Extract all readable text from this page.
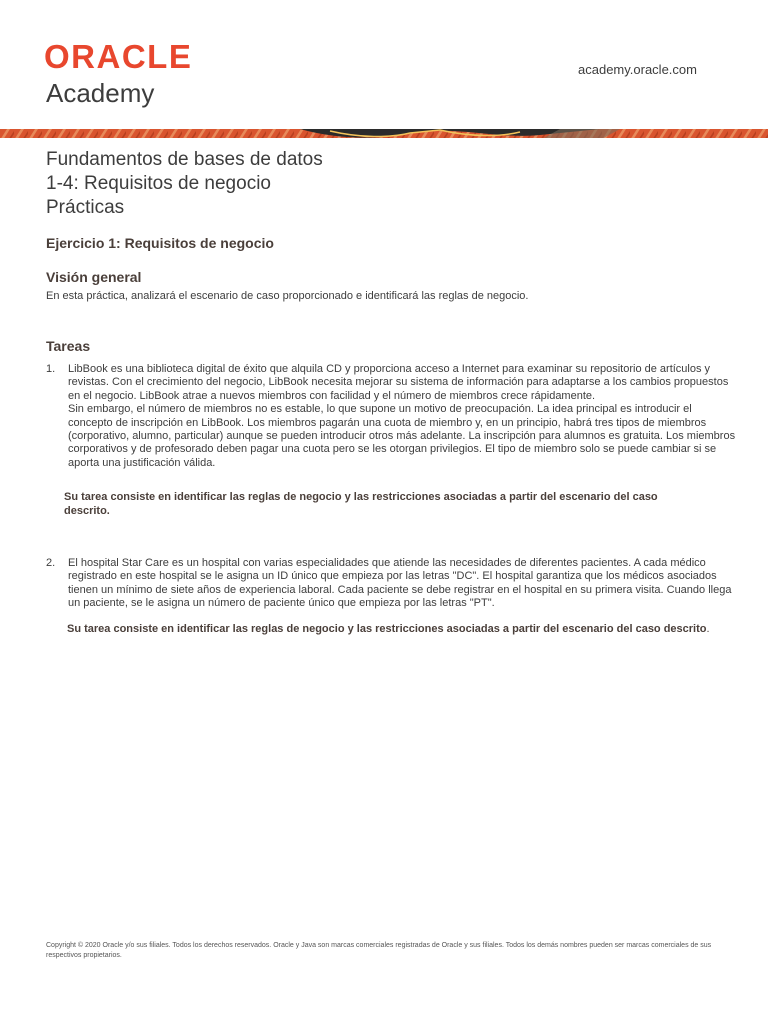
ORACLE
Academy
academy.oracle.com
Fundamentos de bases de datos
1-4: Requisitos de negocio
Prácticas
Ejercicio 1: Requisitos de negocio
Visión general
En esta práctica, analizará el escenario de caso proporcionado e identificará las reglas de negocio.
Tareas
1. LibBook es una biblioteca digital de éxito que alquila CD y proporciona acceso a Internet para examinar su repositorio de artículos y revistas. Con el crecimiento del negocio, LibBook necesita mejorar su sistema de información para adaptarse a los cambios propuestos en el negocio. LibBook atrae a nuevos miembros con facilidad y el número de miembros crece rápidamente.

Sin embargo, el número de miembros no es estable, lo que supone un motivo de preocupación. La idea principal es introducir el concepto de inscripción en LibBook. Los miembros pagarán una cuota de miembro y, en un principio, habrá tres tipos de miembros (corporativo, alumno, particular) aunque se pueden introducir otros más adelante. La inscripción para alumnos es gratuita. Los miembros corporativos y de profesorado deben pagar una cuota pero se les otorgan privilegios. El tipo de miembro solo se puede cambiar si se aporta una justificación válida.

Su tarea consiste en identificar las reglas de negocio y las restricciones asociadas a partir del escenario del caso descrito.
2. El hospital Star Care es un hospital con varias especialidades que atiende las necesidades de diferentes pacientes. A cada médico registrado en este hospital se le asigna un ID único que empieza por las letras "DC". El hospital garantiza que los médicos asociados tienen un mínimo de siete años de experiencia laboral. Cada paciente se debe registrar en el hospital en su primera visita. Cuando llega un paciente, se le asigna un número de paciente único que empieza por las letras "PT".

Su tarea consiste en identificar las reglas de negocio y las restricciones asociadas a partir del escenario del caso descrito.
Copyright © 2020 Oracle y/o sus filiales. Todos los derechos reservados. Oracle y Java son marcas comerciales registradas de Oracle y sus filiales. Todos los demás nombres pueden ser marcas comerciales de sus respectivos propietarios.
